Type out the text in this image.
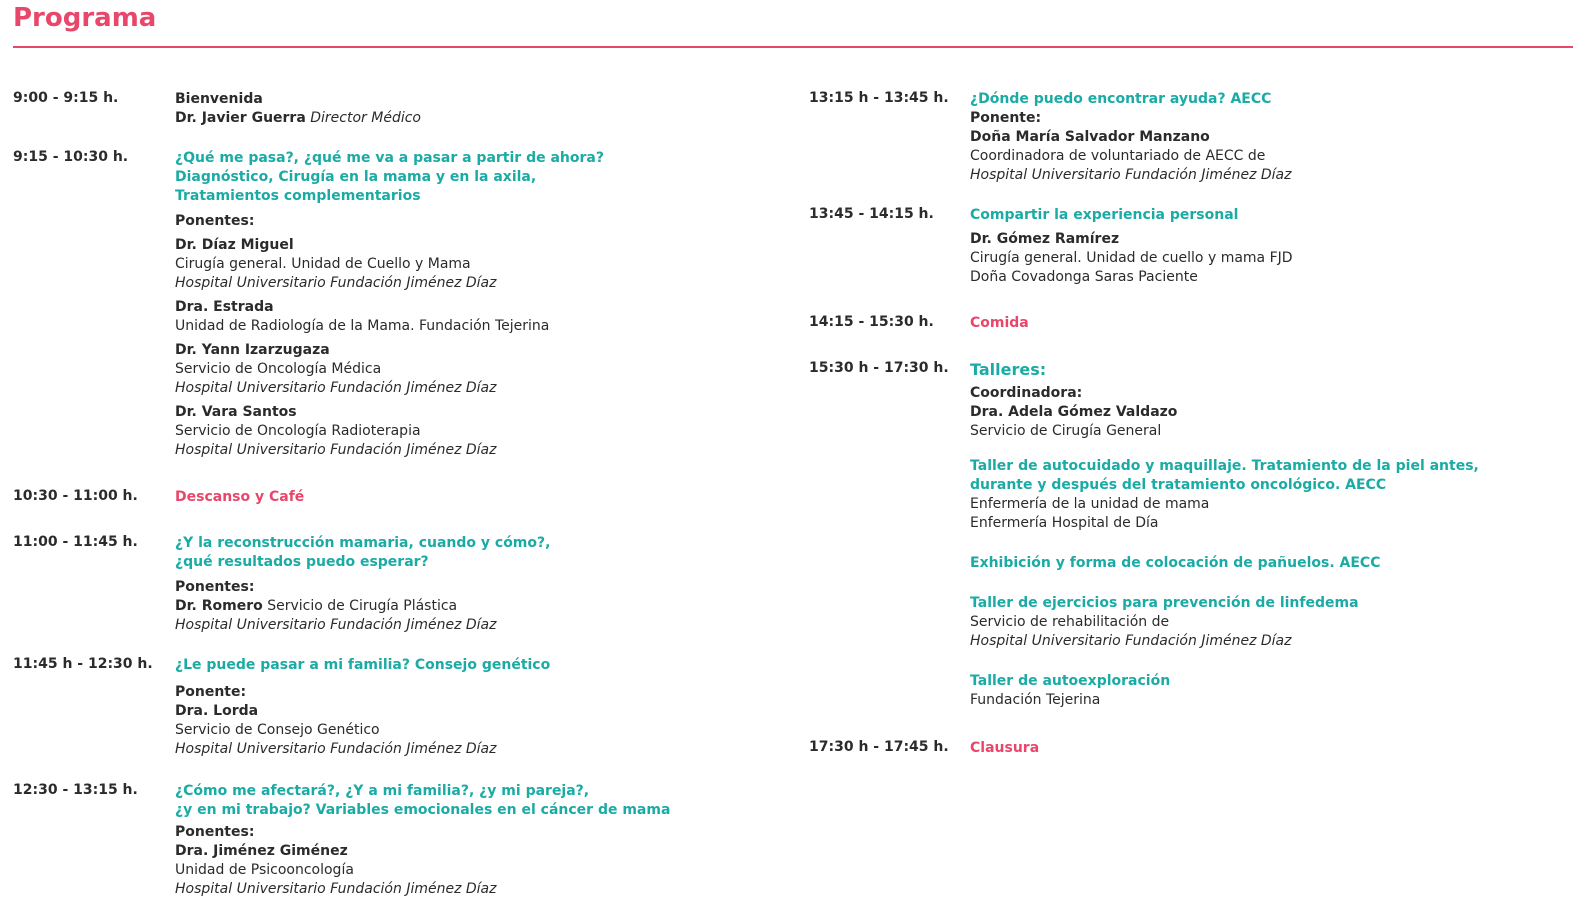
Programa
9:00 - 9:15 h.	Bienvenida
Dr. Javier Guerra Director Médico
9:15 - 10:30 h.	¿Qué me pasa?, ¿qué me va a pasar a partir de ahora?
Diagnóstico, Cirugía en la mama y en la axila,
Tratamientos complementarios
Ponentes:
Dr. Díaz Miguel
Cirugía general. Unidad de Cuello y Mama
Hospital Universitario Fundación Jiménez Díaz
Dra. Estrada
Unidad de Radiología de la Mama. Fundación Tejerina
Dr. Yann Izarzugaza
Servicio de Oncología Médica
Hospital Universitario Fundación Jiménez Díaz
Dr. Vara Santos
Servicio de Oncología Radioterapia
Hospital Universitario Fundación Jiménez Díaz
10:30 - 11:00 h.	Descanso y Café
11:00 - 11:45 h.	¿Y la reconstrucción mamaria, cuando y cómo?,
¿qué resultados puedo esperar?
Ponentes:
Dr. Romero Servicio de Cirugía Plástica
Hospital Universitario Fundación Jiménez Díaz
11:45 h - 12:30 h. ¿Le puede pasar a mi familia? Consejo genético
Ponente:
Dra. Lorda
Servicio de Consejo Genético
Hospital Universitario Fundación Jiménez Díaz
12:30 - 13:15 h.	¿Cómo me afectará?, ¿Y a mi familia?, ¿y mi pareja?,
¿y en mi trabajo? Variables emocionales en el cáncer de mama
Ponentes:
Dra. Jiménez Giménez
Unidad de Psicooncología
Hospital Universitario Fundación Jiménez Díaz
13:15 h - 13:45 h. ¿Dónde puedo encontrar ayuda? AECC
Ponente:
Doña María Salvador Manzano
Coordinadora de voluntariado de AECC de
Hospital Universitario Fundación Jiménez Díaz
13:45 - 14:15 h.	Compartir la experiencia personal
Dr. Gómez Ramírez
Cirugía general. Unidad de cuello y mama FJD
Doña Covadonga Saras Paciente
14:15 - 15:30 h.	Comida
15:30 h - 17:30 h. Talleres:
Coordinadora:
Dra. Adela Gómez Valdazo
Servicio de Cirugía General
Taller de autocuidado y maquillaje. Tratamiento de la piel antes,
durante y después del tratamiento oncológico. AECC
Enfermería de la unidad de mama
Enfermería Hospital de Día
Exhibición y forma de colocación de pañuelos. AECC
Taller de ejercicios para prevención de linfedema
Servicio de rehabilitación de
Hospital Universitario Fundación Jiménez Díaz
Taller de autoexploración
Fundación Tejerina
17:30 h - 17:45 h. Clausura
